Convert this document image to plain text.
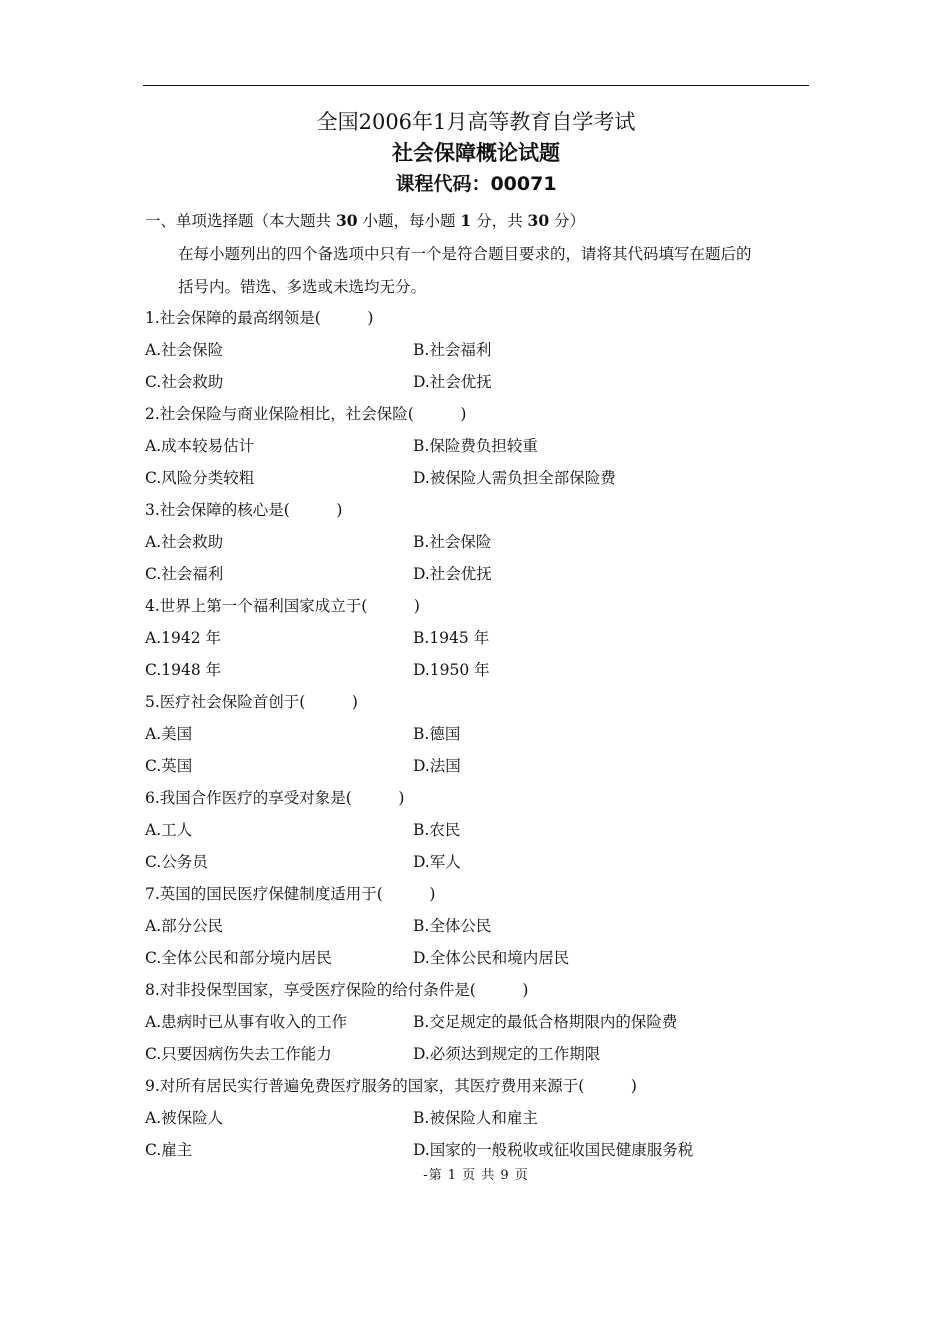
全国2006年1月高等教育自学考试
社会保障概论试题
课程代码：00071
一、单项选择题（本大题共 30 小题，每小题 1 分，共 30 分）
在每小题列出的四个备选项中只有一个是符合题目要求的，请将其代码填写在题后的
括号内。错选、多选或未选均无分。
1.社会保障的最高纲领是(　　　)
A.社会保险	B.社会福利
C.社会救助	D.社会优抚
2.社会保险与商业保险相比，社会保险(　　　)
A.成本较易估计	B.保险费负担较重
C.风险分类较粗	D.被保险人需负担全部保险费
3.社会保障的核心是(　　　)
A.社会救助	B.社会保险
C.社会福利	D.社会优抚
4.世界上第一个福利国家成立于(　　　)
A.1942 年	B.1945 年
C.1948 年	D.1950 年
5.医疗社会保险首创于(　　　)
A.美国	B.德国
C.英国	D.法国
6.我国合作医疗的享受对象是(　　　)
A.工人	B.农民
C.公务员	D.军人
7.英国的国民医疗保健制度适用于(　　　)
A.部分公民	B.全体公民
C.全体公民和部分境内居民	D.全体公民和境内居民
8.对非投保型国家，享受医疗保险的给付条件是(　　　)
A.患病时已从事有收入的工作	B.交足规定的最低合格期限内的保险费
C.只要因病伤失去工作能力	D.必须达到规定的工作期限
9.对所有居民实行普遍免费医疗服务的国家，其医疗费用来源于(　　　)
A.被保险人	B.被保险人和雇主
C.雇主	D.国家的一般税收或征收国民健康服务税
-第 1 页 共 9 页
